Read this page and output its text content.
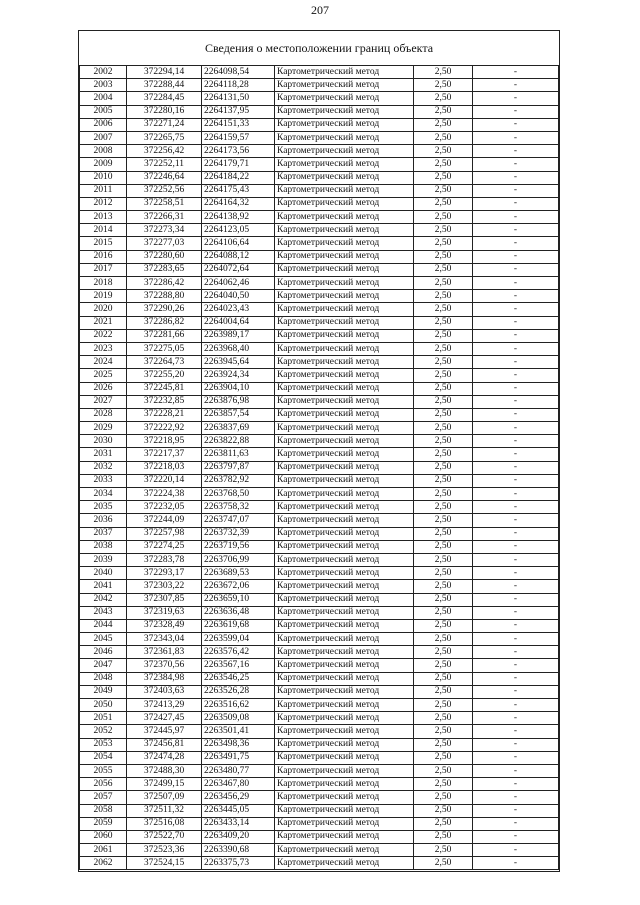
207
Сведения о местоположении границ объекта
2002	372294,14	2264098,54	Картометрический метод	2,50	-
2003	372288,44	2264118,28	Картометрический метод	2,50	-
2004	372284,45	2264131,50	Картометрический метод	2,50	-
2005	372280,16	2264137,95	Картометрический метод	2,50	-
2006	372271,24	2264151,33	Картометрический метод	2,50	-
2007	372265,75	2264159,57	Картометрический метод	2,50	-
2008	372256,42	2264173,56	Картометрический метод	2,50	-
2009	372252,11	2264179,71	Картометрический метод	2,50	-
2010	372246,64	2264184,22	Картометрический метод	2,50	-
2011	372252,56	2264175,43	Картометрический метод	2,50	-
2012	372258,51	2264164,32	Картометрический метод	2,50	-
2013	372266,31	2264138,92	Картометрический метод	2,50	-
2014	372273,34	2264123,05	Картометрический метод	2,50	-
2015	372277,03	2264106,64	Картометрический метод	2,50	-
2016	372280,60	2264088,12	Картометрический метод	2,50	-
2017	372283,65	2264072,64	Картометрический метод	2,50	-
2018	372286,42	2264062,46	Картометрический метод	2,50	-
2019	372288,80	2264040,50	Картометрический метод	2,50	-
2020	372290,26	2264023,43	Картометрический метод	2,50	-
2021	372286,82	2264004,64	Картометрический метод	2,50	-
2022	372281,66	2263989,17	Картометрический метод	2,50	-
2023	372275,05	2263968,40	Картометрический метод	2,50	-
2024	372264,73	2263945,64	Картометрический метод	2,50	-
2025	372255,20	2263924,34	Картометрический метод	2,50	-
2026	372245,81	2263904,10	Картометрический метод	2,50	-
2027	372232,85	2263876,98	Картометрический метод	2,50	-
2028	372228,21	2263857,54	Картометрический метод	2,50	-
2029	372222,92	2263837,69	Картометрический метод	2,50	-
2030	372218,95	2263822,88	Картометрический метод	2,50	-
2031	372217,37	2263811,63	Картометрический метод	2,50	-
2032	372218,03	2263797,87	Картометрический метод	2,50	-
2033	372220,14	2263782,92	Картометрический метод	2,50	-
2034	372224,38	2263768,50	Картометрический метод	2,50	-
2035	372232,05	2263758,32	Картометрический метод	2,50	-
2036	372244,09	2263747,07	Картометрический метод	2,50	-
2037	372257,98	2263732,39	Картометрический метод	2,50	-
2038	372274,25	2263719,56	Картометрический метод	2,50	-
2039	372283,78	2263706,99	Картометрический метод	2,50	-
2040	372293,17	2263689,53	Картометрический метод	2,50	-
2041	372303,22	2263672,06	Картометрический метод	2,50	-
2042	372307,85	2263659,10	Картометрический метод	2,50	-
2043	372319,63	2263636,48	Картометрический метод	2,50	-
2044	372328,49	2263619,68	Картометрический метод	2,50	-
2045	372343,04	2263599,04	Картометрический метод	2,50	-
2046	372361,83	2263576,42	Картометрический метод	2,50	-
2047	372370,56	2263567,16	Картометрический метод	2,50	-
2048	372384,98	2263546,25	Картометрический метод	2,50	-
2049	372403,63	2263526,28	Картометрический метод	2,50	-
2050	372413,29	2263516,62	Картометрический метод	2,50	-
2051	372427,45	2263509,08	Картометрический метод	2,50	-
2052	372445,97	2263501,41	Картометрический метод	2,50	-
2053	372456,81	2263498,36	Картометрический метод	2,50	-
2054	372474,28	2263491,75	Картометрический метод	2,50	-
2055	372488,30	2263480,77	Картометрический метод	2,50	-
2056	372499,15	2263467,80	Картометрический метод	2,50	-
2057	372507,09	2263456,29	Картометрический метод	2,50	-
2058	372511,32	2263445,05	Картометрический метод	2,50	-
2059	372516,08	2263433,14	Картометрический метод	2,50	-
2060	372522,70	2263409,20	Картометрический метод	2,50	-
2061	372523,36	2263390,68	Картометрический метод	2,50	-
2062	372524,15	2263375,73	Картометрический метод	2,50	-
